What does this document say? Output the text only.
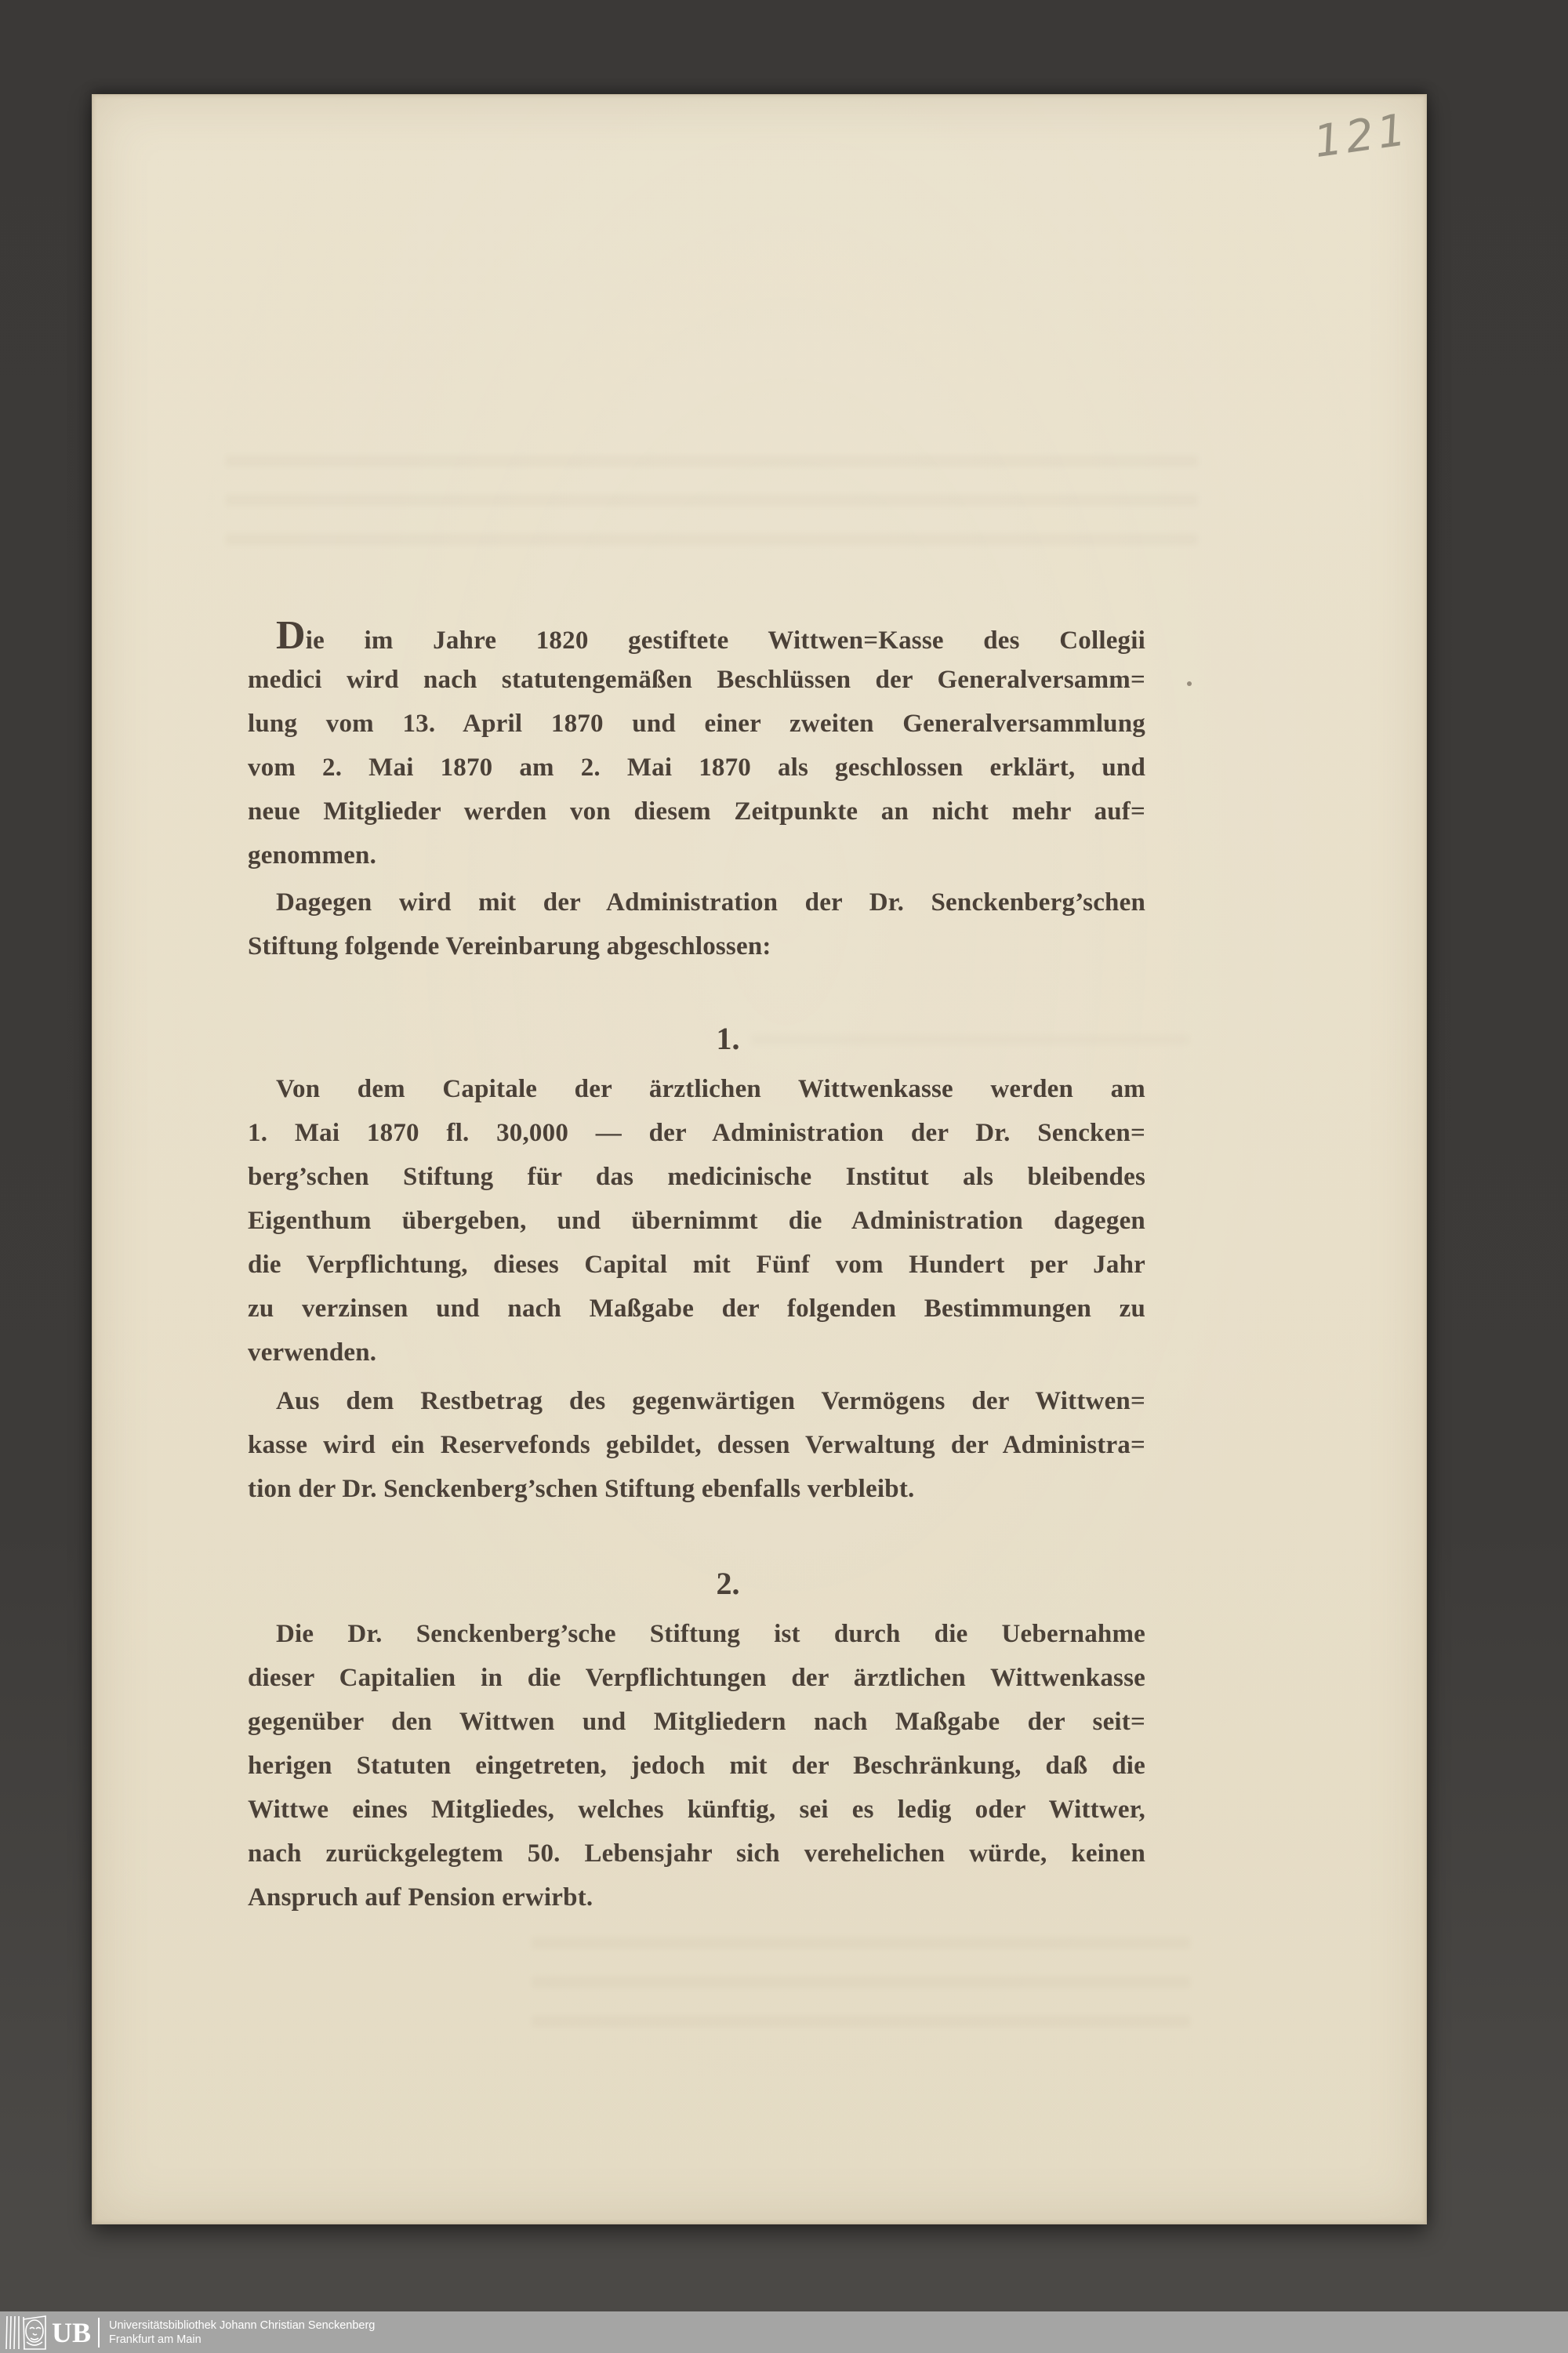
121
Die im Jahre 1820 gestiftete Wittwen=Kasse des Collegii
medici wird nach statutengemäßen Beschlüssen der Generalversamm=
lung vom 13. April 1870 und einer zweiten Generalversammlung
vom 2. Mai 1870 am 2. Mai 1870 als geschlossen erklärt, und
neue Mitglieder werden von diesem Zeitpunkte an nicht mehr auf=
genommen.
Dagegen wird mit der Administration der Dr. Senckenberg’schen
Stiftung folgende Vereinbarung abgeschlossen:
1.
Von dem Capitale der ärztlichen Wittwenkasse werden am
1. Mai 1870 fl. 30,000 — der Administration der Dr. Sencken=
berg’schen Stiftung für das medicinische Institut als bleibendes
Eigenthum übergeben, und übernimmt die Administration dagegen
die Verpflichtung, dieses Capital mit Fünf vom Hundert per Jahr
zu verzinsen und nach Maßgabe der folgenden Bestimmungen zu
verwenden.
Aus dem Restbetrag des gegenwärtigen Vermögens der Wittwen=
kasse wird ein Reservefonds gebildet, dessen Verwaltung der Administra=
tion der Dr. Senckenberg’schen Stiftung ebenfalls verbleibt.
2.
Die Dr. Senckenberg’sche Stiftung ist durch die Uebernahme
dieser Capitalien in die Verpflichtungen der ärztlichen Wittwenkasse
gegenüber den Wittwen und Mitgliedern nach Maßgabe der seit=
herigen Statuten eingetreten, jedoch mit der Beschränkung, daß die
Wittwe eines Mitgliedes, welches künftig, sei es ledig oder Wittwer,
nach zurückgelegtem 50. Lebensjahr sich verehelichen würde, keinen
Anspruch auf Pension erwirbt.
UB Universitätsbibliothek Johann Christian Senckenberg
Frankfurt am Main
